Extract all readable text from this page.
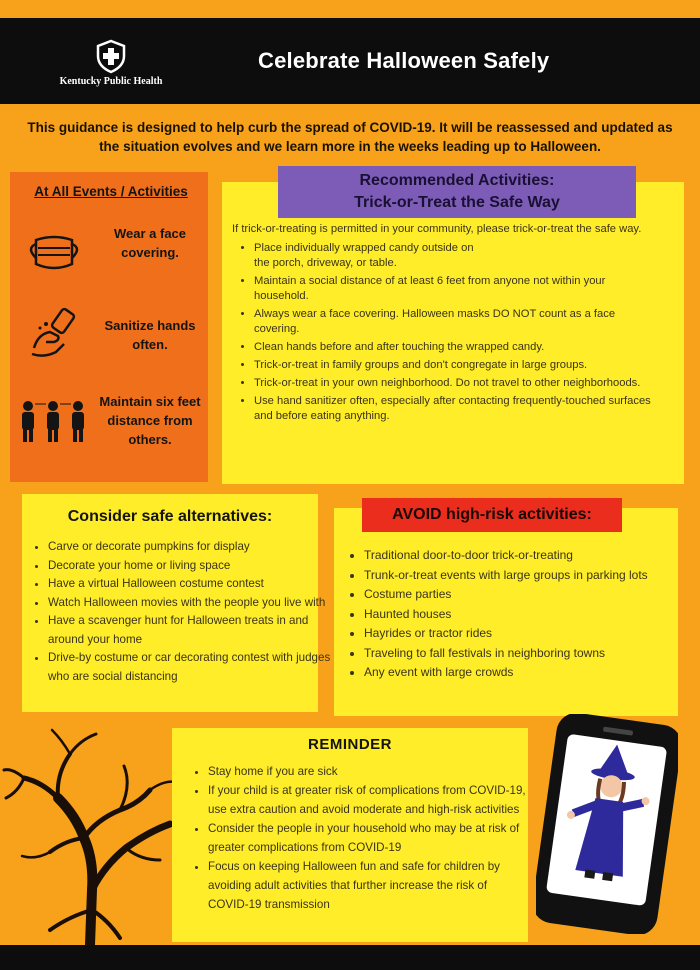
Kentucky Public Health
Celebrate Halloween Safely
This guidance is designed to help curb the spread of COVID-19. It will be reassessed and updated as the situation evolves and we learn more in the weeks leading up to Halloween.
At All Events / Activities
Wear a face covering.
Sanitize hands often.
Maintain six feet distance from others.
Recommended Activities:
Trick-or-Treat the Safe Way
If trick-or-treating is permitted in your community, please trick-or-treat the safe way.
• Place individually wrapped candy outside on the porch, driveway, or table.
• Maintain a social distance of at least 6 feet from anyone not within your household.
• Always wear a face covering. Halloween masks DO NOT count as a face covering.
• Clean hands before and after touching the wrapped candy.
• Trick-or-treat in family groups and don't congregate in large groups.
• Trick-or-treat in your own neighborhood. Do not travel to other neighborhoods.
• Use hand sanitizer often, especially after contacting frequently-touched surfaces and before eating anything.
Consider safe alternatives:
• Carve or decorate pumpkins for display
• Decorate your home or living space
• Have a virtual Halloween costume contest
• Watch Halloween movies with the people you live with
• Have a scavenger hunt for Halloween treats in and around your home
• Drive-by costume or car decorating contest with judges who are social distancing
• Traditional door-to-door trick-or-treating
• Trunk-or-treat events with large groups in parking lots
• Costume parties
• Haunted houses
• Hayrides or tractor rides
• Traveling to fall festivals in neighboring towns
• Any event with large crowds
AVOID high-risk activities:
REMINDER
• Stay home if you are sick
• If your child is at greater risk of complications from COVID-19, use extra caution and avoid moderate and high-risk activities
• Consider the people in your household who may be at risk of greater complications from COVID-19
• Focus on keeping Halloween fun and safe for children by avoiding adult activities that further increase the risk of COVID-19 transmission
